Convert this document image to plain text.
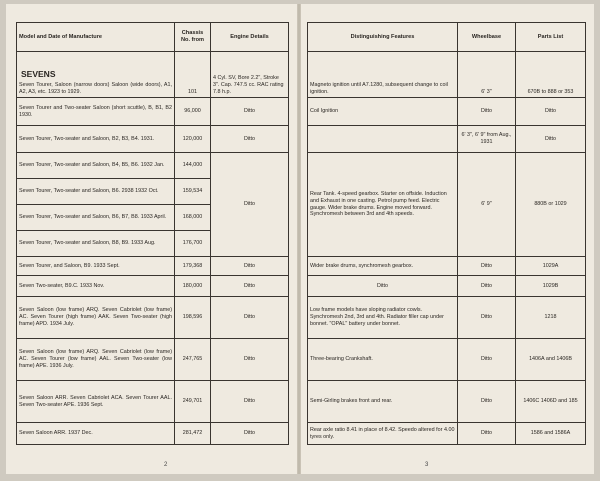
Model and Date of Manufacture	Chassis No. from	Engine Details

SEVENS
Seven Tourer, Saloon (narrow doors) Saloon (wide doors), A1, A2, A3, etc. 1923 to 1929.	101	4 Cyl. SV, Bore 2.2", Stroke 3". Cap. 747.5 cc. RAC rating 7.8 h.p.
Seven Tourer and Two-seater Saloon (short scuttle), B, B1, B2 1930.	96,000	Ditto
Seven Tourer, Two-seater and Saloon, B2, B3, B4. 1931.	120,000	Ditto
Seven Tourer, Two-seater and Saloon, B4, B5, B6. 1932 Jan.	144,000	Ditto
Seven Tourer, Two-seater and Saloon, B6. 2938 1932 Oct.	159,534	
Seven Tourer, Two-seater and Saloon, B6, B7, B8. 1933 April.	168,000	
Seven Tourer, Two-seater and Saloon, B8, B9. 1933 Aug.	176,700	
Seven Tourer, and Saloon, B9. 1933 Sept.	179,368	Ditto
Seven Two-seater, B9.C. 1933 Nov.	180,000	Ditto
Seven Saloon (low frame) ARQ. Seven Cabriolet (low frame) AC. Seven Tourer (high frame) AAK. Seven Two-seater (high frame) APD. 1934 July.	198,596	Ditto
Seven Saloon (low frame) ARQ. Seven Cabriolet (low frame) AC. Seven Tourer (low frame) AAL. Seven Two-seater (low frame) APE. 1936 July.	247,765	Ditto
Seven Saloon ARR. Seven Cabriolet ACA. Seven Tourer AAL. Seven Two-seater APE. 1936 Sept.	249,701	Ditto
Seven Saloon ARR. 1937 Dec.	281,472	Ditto
2
Distinguishing Features	Wheelbase	Parts List
Magneto ignition until A7.1280, subsequent change to coil ignition.	6' 3"	670B to 888 or 353
Coil Ignition	Ditto	Ditto
	6' 3", 6' 9" from Aug., 1931	Ditto
Rear Tank. 4-speed gearbox. Starter on offside. Induction and Exhaust in one casting. Petrol pump feed. Electric gauge. Wider brake drums. Engine moved forward. Synchromesh between 3rd and 4th speeds.	6' 9"	880B or 1029
Wider brake drums, synchromesh gearbox.	Ditto	1029A
Ditto	Ditto	1029B
Low frame models have sloping radiator cowls. Synchromesh 2nd, 3rd and 4th. Radiator filler cap under bonnet. "OPAL" battery under bonnet.	Ditto	1218
Three-bearing Crankshaft.	Ditto	1406A and 1406B
Semi-Girling brakes front and rear.	Ditto	1406C 1406D and 185
Rear axle ratio 8.41 in place of 8.42. Speedo altered for 4.00 tyres only.	Ditto	1586 and 1586A
3
